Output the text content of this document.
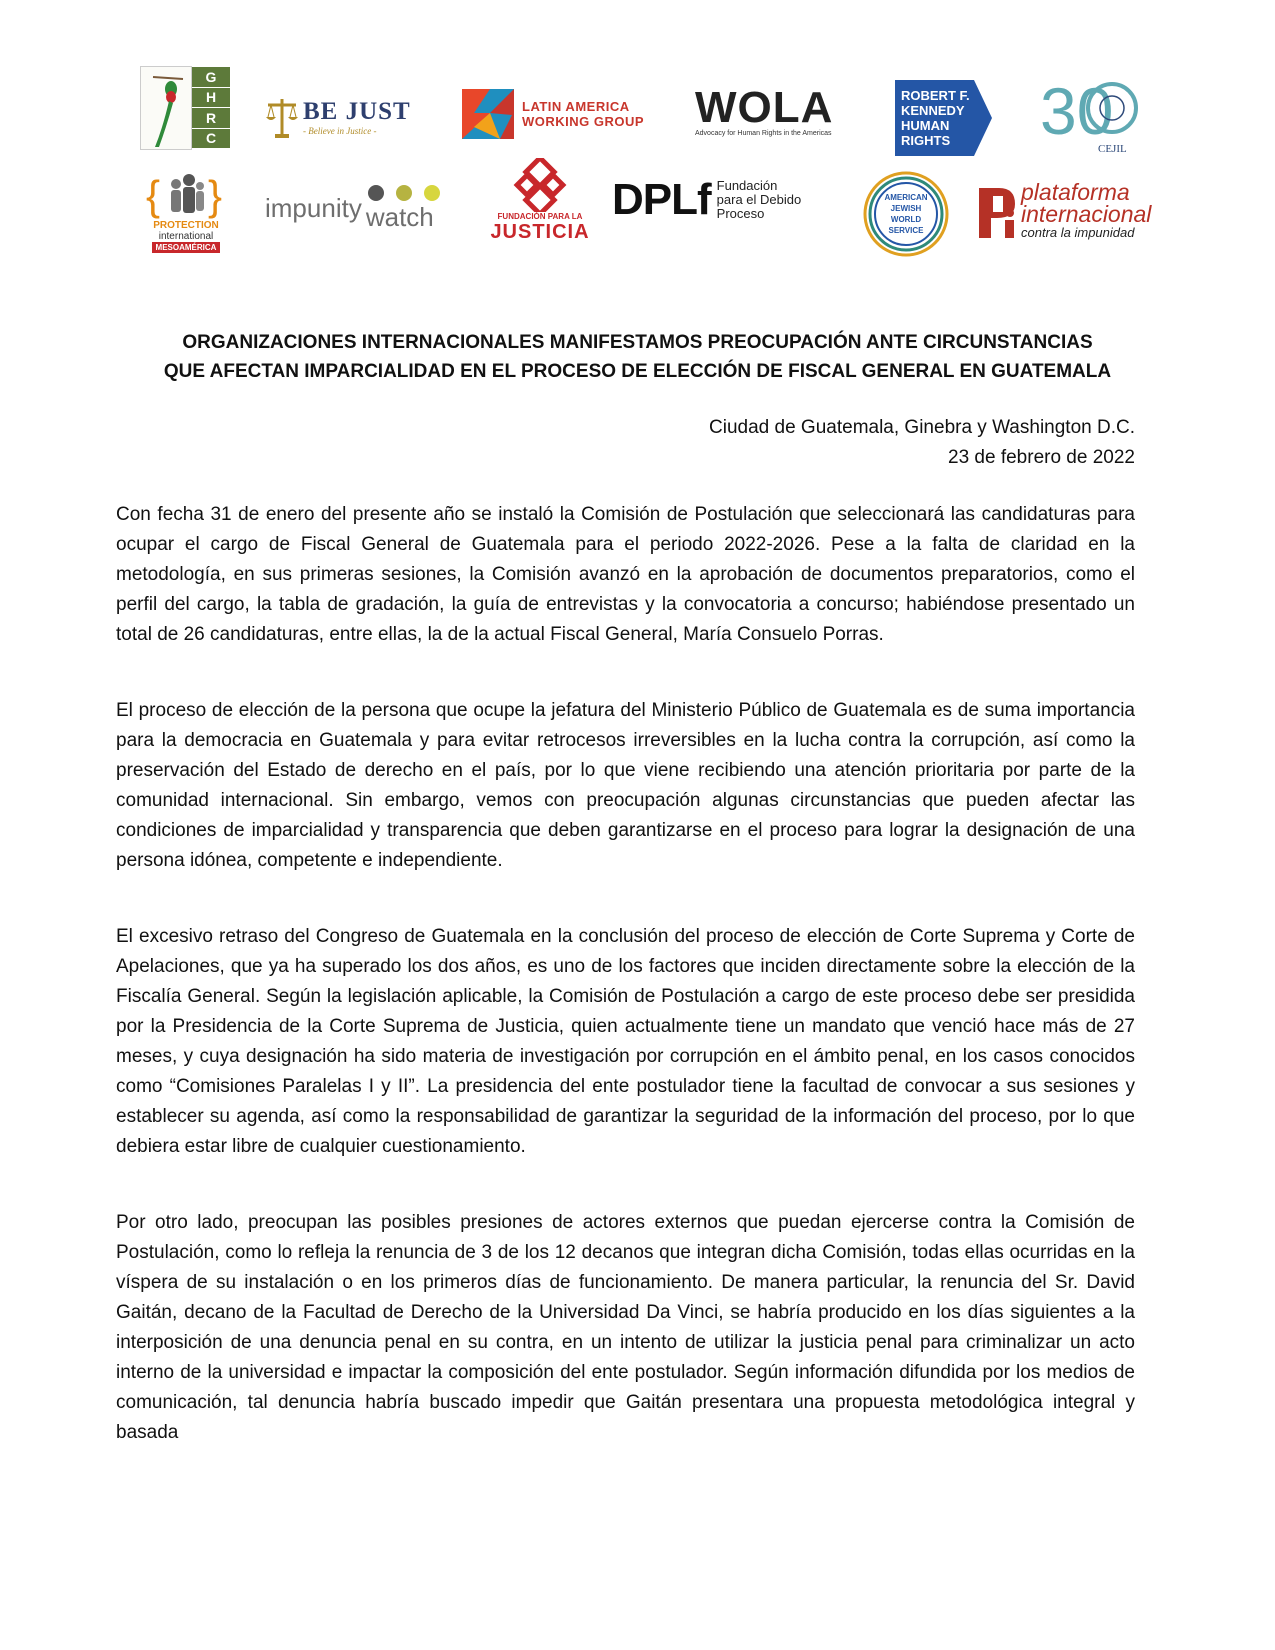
G
H
R
C
BE JUST
- Believe in Justice -
LATIN AMERICA
WORKING GROUP WOLA
Advocacy for Human Rights in the Americas
ROBERT F.
KENNEDY
HUMAN
RIGHTS 30
CEJIL
{ }
PROTECTION
international
MESOAMÉRICA
impunity watch	FUNDACIÓN PARA LA
JUSTICIA
DPLf Fundación
para el Debido
Proceso
AMERICAN
JEWISH
WORLD
SERVICE
plataforma
internacional
contra la impunidad
ORGANIZACIONES INTERNACIONALES MANIFESTAMOS PREOCUPACIÓN ANTE CIRCUNSTANCIAS
QUE AFECTAN IMPARCIALIDAD EN EL PROCESO DE ELECCIÓN DE FISCAL GENERAL EN GUATEMALA
Ciudad de Guatemala, Ginebra y Washington D.C.
23 de febrero de 2022

Con fecha 31 de enero del presente año se instaló la Comisión de Postulación que seleccionará las candidaturas para ocupar el cargo de Fiscal General de Guatemala para el periodo 2022-2026. Pese a la falta de claridad en la metodología, en sus primeras sesiones, la Comisión avanzó en la aprobación de documentos preparatorios, como el perfil del cargo, la tabla de gradación, la guía de entrevistas y la convocatoria a concurso; habiéndose presentado un total de 26 candidaturas, entre ellas, la de la actual Fiscal General, María Consuelo Porras.

El proceso de elección de la persona que ocupe la jefatura del Ministerio Público de Guatemala es de suma importancia para la democracia en Guatemala y para evitar retrocesos irreversibles en la lucha contra la corrupción, así como la preservación del Estado de derecho en el país, por lo que viene recibiendo una atención prioritaria por parte de la comunidad internacional. Sin embargo, vemos con preocupación algunas circunstancias que pueden afectar las condiciones de imparcialidad y transparencia que deben garantizarse en el proceso para lograr la designación de una persona idónea, competente e independiente.

El excesivo retraso del Congreso de Guatemala en la conclusión del proceso de elección de Corte Suprema y Corte de Apelaciones, que ya ha superado los dos años, es uno de los factores que inciden directamente sobre la elección de la Fiscalía General. Según la legislación aplicable, la Comisión de Postulación a cargo de este proceso debe ser presidida por la Presidencia de la Corte Suprema de Justicia, quien actualmente tiene un mandato que venció hace más de 27 meses, y cuya designación ha sido materia de investigación por corrupción en el ámbito penal, en los casos conocidos como “Comisiones Paralelas I y II”. La presidencia del ente postulador tiene la facultad de convocar a sus sesiones y establecer su agenda, así como la responsabilidad de garantizar la seguridad de la información del proceso, por lo que debiera estar libre de cualquier cuestionamiento.

Por otro lado, preocupan las posibles presiones de actores externos que puedan ejercerse contra la Comisión de Postulación, como lo refleja la renuncia de 3 de los 12 decanos que integran dicha Comisión, todas ellas ocurridas en la víspera de su instalación o en los primeros días de funcionamiento. De manera particular, la renuncia del Sr. David Gaitán, decano de la Facultad de Derecho de la Universidad Da Vinci, se habría producido en los días siguientes a la interposición de una denuncia penal en su contra, en un intento de utilizar la justicia penal para criminalizar un acto interno de la universidad e impactar la composición del ente postulador. Según información difundida por los medios de comunicación, tal denuncia habría buscado impedir que Gaitán presentara una propuesta metodológica integral y basada
